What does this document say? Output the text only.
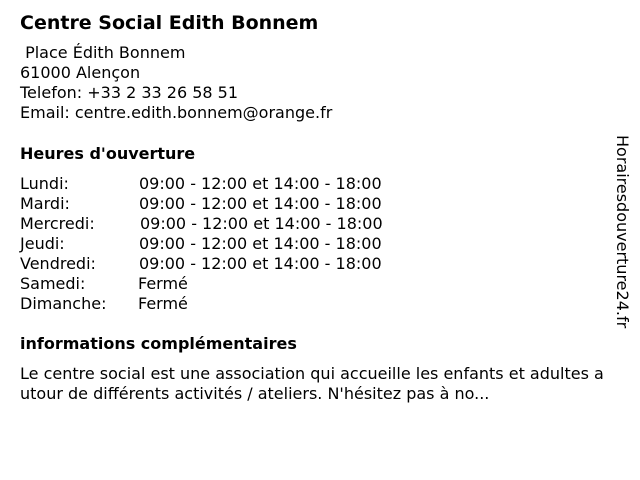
Centre Social Edith Bonnem
Place Édith Bonnem
61000 Alençon
Telefon: +33 2 33 26 58 51
Email: centre.edith.bonnem@orange.fr
Heures d'ouverture
Lundi:	09:00 - 12:00 et 14:00 - 18:00
Mardi:	09:00 - 12:00 et 14:00 - 18:00
Mercredi:	09:00 - 12:00 et 14:00 - 18:00
Jeudi:	09:00 - 12:00 et 14:00 - 18:00
Vendredi:	09:00 - 12:00 et 14:00 - 18:00
Samedi:	Fermé
Dimanche: Fermé
informations complémentaires
Le centre social est une association qui accueille les enfants et adultes autour de différents activités / ateliers. N'hésitez pas à no...
Horairesdouverture24.fr
